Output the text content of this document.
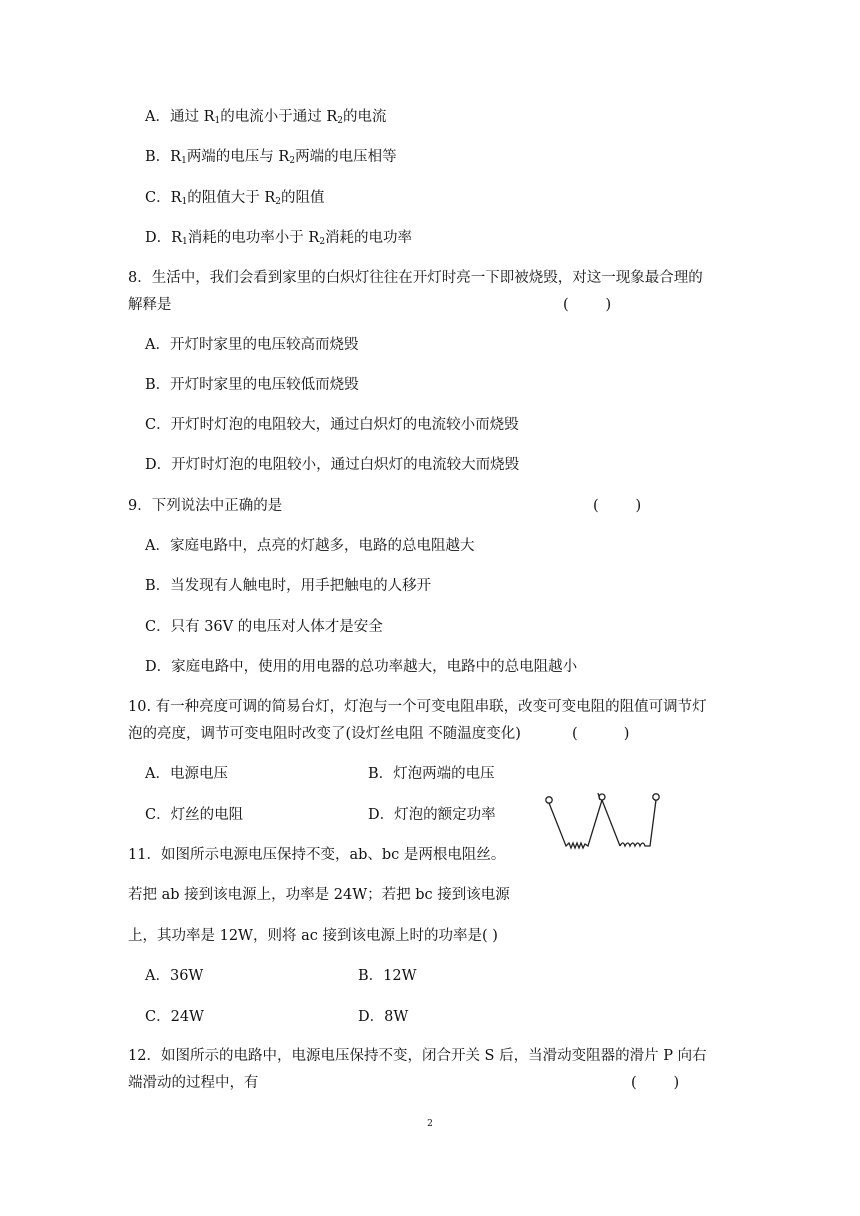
A．通过 $R_1$的电流小于通过 $R_2$的电流
B．$R_1$两端的电压与 $R_2$两端的电压相等
C．$R_1$的阻值大于 $R_2$的阻值
D．$R_1$消耗的电功率小于 $R_2$消耗的电功率
8．生活中，我们会看到家里的白炽灯往往在开灯时亮一下即被烧毁，对这一现象最合理的
解释是	(        )
A．开灯时家里的电压较高而烧毁
B．开灯时家里的电压较低而烧毁
C．开灯时灯泡的电阻较大，通过白炽灯的电流较小而烧毁
D．开灯时灯泡的电阻较小，通过白炽灯的电流较大而烧毁
9．下列说法中正确的是	(        )
A．家庭电路中，点亮的灯越多，电路的总电阻越大
B．当发现有人触电时，用手把触电的人移开
C．只有 36V 的电压对人体才是安全
D．家庭电路中，使用的用电器的总功率越大，电路中的总电阻越小
10. 有一种亮度可调的简易台灯，灯泡与一个可变电阻串联，改变可变电阻的阻值可调节灯
泡的亮度，调节可变电阻时改变了(设灯丝电阻 不随温度变化)	(          )
A．电源电压	B．灯泡两端的电压
C．灯丝的电阻	D．灯泡的额定功率
11．如图所示电源电压保持不变，ab、bc 是两根电阻丝。
若把 ab 接到该电源上，功率是 24W；若把 bc 接到该电源
上，其功率是 12W，则将 ac 接到该电源上时的功率是( )
A．36W	B．12W
C．24W	D．8W
12．如图所示的电路中，电源电压保持不变，闭合开关 S 后，当滑动变阻器的滑片 P 向右
端滑动的过程中，有	(        )
2
